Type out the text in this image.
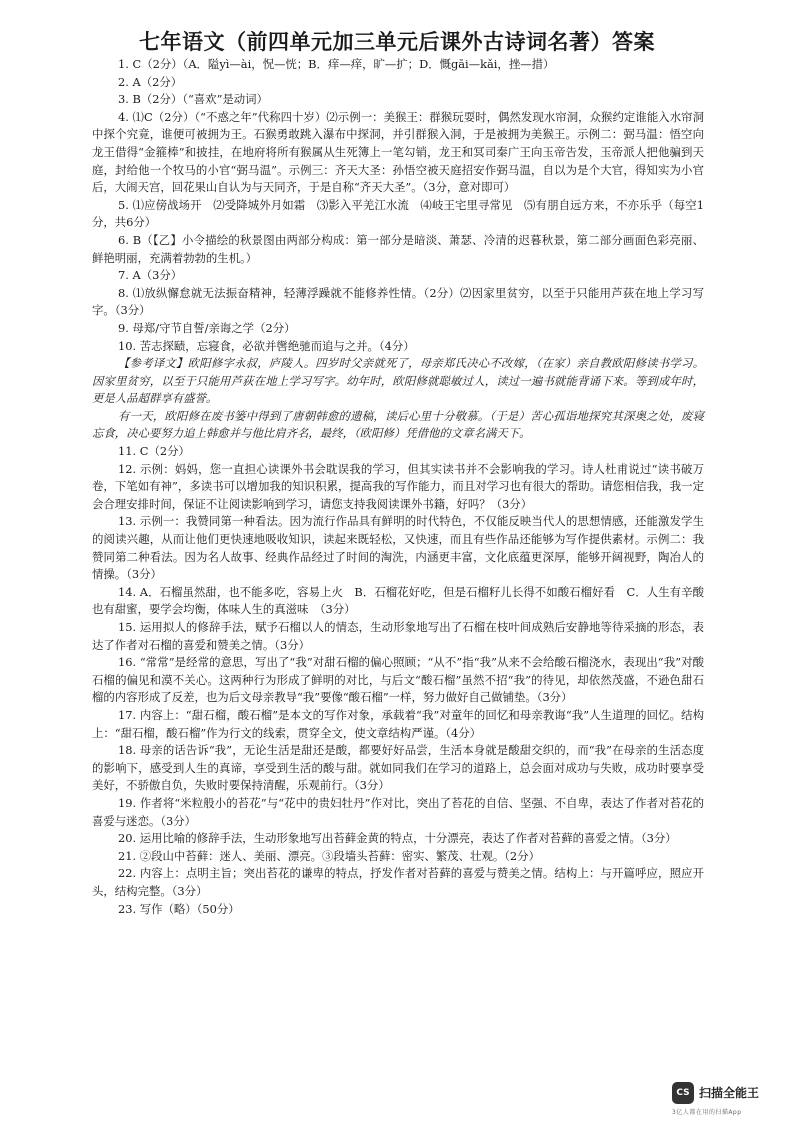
七年语文（前四单元加三单元后课外古诗词名著）答案

1. C（2分）（A．隘yì—ài，怳—恍；B．痒—痒，旷—扩；D．慨gāi—kǎi，挫—措）

2. A（2分）

3. B（2分）（“喜欢”是动词）

4. ⑴C（2分）（“不惑之年”代称四十岁）⑵示例一：美猴王：群猴玩耍时，偶然发现水帘洞，众猴约定谁能入水帘洞中探个究竟，谁便可被拥为王。石猴勇敢跳入瀑布中探洞，并引群猴入洞，于是被拥为美猴王。示例二：弼马温：悟空向龙王借得“金箍棒”和披挂，在地府将所有猴属从生死簿上一笔勾销，龙王和冥司秦广王向玉帝告发，玉帝派人把他骗到天庭，封给他一个牧马的小官“弼马温”。示例三：齐天大圣：孙悟空被天庭招安作弼马温，自以为是个大官，得知实为小官后，大闹天宫，回花果山自认为与天同齐，于是自称“齐天大圣”。（3分，意对即可）

5. ⑴应傍战场开　⑵受降城外月如霜　⑶影入平羌江水流　⑷岐王宅里寻常见　⑸有朋自远方来，不亦乐乎（每空1分，共6分）

6. B（【乙】小令描绘的秋景图由两部分构成：第一部分是暗淡、萧瑟、冷清的迟暮秋景，第二部分画面色彩亮丽、鲜艳明丽，充满着勃勃的生机。）

7. A（3分）

8. ⑴放纵懈怠就无法振奋精神，轻薄浮躁就不能修养性情。（2分）⑵因家里贫穷，以至于只能用芦荻在地上学习写字。（3分）

9. 母郑/守节自誓/亲诲之学（2分）

10. 苦志探赜，忘寝食，必欲并辔绝驰而追与之并。（4分）

【参考译文】欧阳修字永叔，庐陵人。四岁时父亲就死了，母亲郑氏决心不改嫁，（在家）亲自教欧阳修读书学习。因家里贫穷，以至于只能用芦荻在地上学习写字。幼年时，欧阳修就聪敏过人，读过一遍书就能背诵下来。等到成年时，更是人品超群享有盛誉。

有一天，欧阳修在废书篓中得到了唐朝韩愈的遗稿，读后心里十分敬慕。（于是）苦心孤诣地探究其深奥之处，废寝忘食，决心要努力追上韩愈并与他比肩齐名，最终，（欧阳修）凭借他的文章名满天下。

11. C（2分）

12. 示例：妈妈，您一直担心读课外书会耽误我的学习，但其实读书并不会影响我的学习。诗人杜甫说过“读书破万卷，下笔如有神”，多读书可以增加我的知识积累，提高我的写作能力，而且对学习也有很大的帮助。请您相信我，我一定会合理安排时间，保证不让阅读影响到学习，请您支持我阅读课外书籍，好吗？（3分）

13. 示例一：我赞同第一种看法。因为流行作品具有鲜明的时代特色，不仅能反映当代人的思想情感，还能激发学生的阅读兴趣，从而让他们更快速地吸收知识，读起来既轻松，又快速，而且有些作品还能够为写作提供素材。示例二：我赞同第二种看法。因为名人故事、经典作品经过了时间的淘洗，内涵更丰富，文化底蕴更深厚，能够开阔视野，陶冶人的情操。（3分）

14. A．石榴虽然甜，也不能多吃，容易上火　B．石榴花好吃，但是石榴籽儿长得不如酸石榴好看　C．人生有辛酸也有甜蜜，要学会均衡，体味人生的真滋味　（3分）

15. 运用拟人的修辞手法，赋予石榴以人的情态，生动形象地写出了石榴在枝叶间成熟后安静地等待采摘的形态，表达了作者对石榴的喜爱和赞美之情。（3分）

16. “常常”是经常的意思，写出了“我”对甜石榴的偏心照顾；“从不”指“我”从来不会给酸石榴浇水，表现出“我”对酸石榴的偏见和漠不关心。这两种行为形成了鲜明的对比，与后文“酸石榴”虽然不招“我”的待见，却依然茂盛，不逊色甜石榴的内容形成了反差，也为后文母亲教导“我”要像“酸石榴”一样，努力做好自己做铺垫。（3分）

17. 内容上：“甜石榴，酸石榴”是本文的写作对象，承载着“我”对童年的回忆和母亲教诲“我”人生道理的回忆。结构上：“甜石榴，酸石榴”作为行文的线索，贯穿全文，使文章结构严谨。（4分）

18. 母亲的话告诉“我”，无论生活是甜还是酸，都要好好品尝，生活本身就是酸甜交织的，而“我”在母亲的生活态度的影响下，感受到人生的真谛，享受到生活的酸与甜。就如同我们在学习的道路上，总会面对成功与失败，成功时要享受美好，不骄傲自负，失败时要保持清醒，乐观前行。（3分）

19. 作者将“米粒般小的苔花”与“花中的贵妇牡丹”作对比，突出了苔花的自信、坚强、不自卑，表达了作者对苔花的喜爱与迷恋。（3分）

20. 运用比喻的修辞手法，生动形象地写出苔藓金黄的特点，十分漂亮，表达了作者对苔藓的喜爱之情。（3分）

21. ②段山中苔藓：迷人、美丽、漂亮。③段墙头苔藓：密实、繁茂、壮观。（2分）

22. 内容上：点明主旨；突出苔花的谦卑的特点，抒发作者对苔藓的喜爱与赞美之情。结构上：与开篇呼应，照应开头，结构完整。（3分）

23. 写作（略）（50分）

CS 扫描全能王
3亿人都在用的扫描App
